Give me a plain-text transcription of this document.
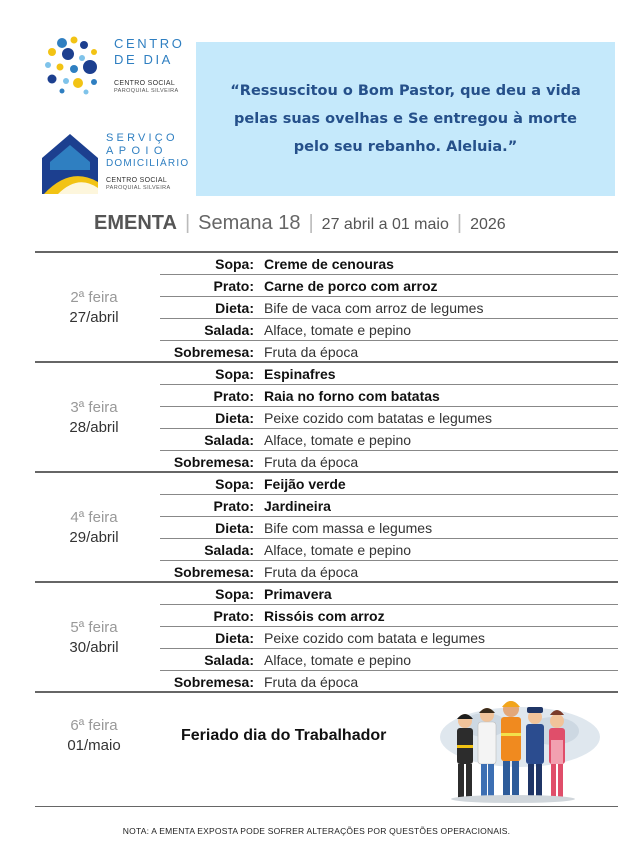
CENTRO
DE DIA
CENTRO SOCIAL
PAROQUIAL SILVEIRA
SERVIÇO
APOIO
DOMICILIÁRIO
CENTRO SOCIAL
PAROQUIAL SILVEIRA

“Ressuscitou o Bom Pastor, que deu a vida pelas suas ovelhas e Se entregou à morte pelo seu rebanho. Aleluia.”

EMENTA | Semana 18 | 27 abril a 01 maio | 2026
2ª feira
27/abril
Sopa: Creme de cenouras
Prato: Carne de porco com arroz
Dieta: Bife de vaca com arroz de legumes
Salada: Alface, tomate e pepino
Sobremesa: Fruta da época
3ª feira
28/abril
Sopa: Espinafres
Prato: Raia no forno com batatas
Dieta: Peixe cozido com batatas e legumes
Salada: Alface, tomate e pepino
Sobremesa: Fruta da época
4ª feira
29/abril
Sopa: Feijão verde
Prato: Jardineira
Dieta: Bife com massa e legumes
Salada: Alface, tomate e pepino
Sobremesa: Fruta da época
5ª feira
30/abril
Sopa: Primavera
Prato: Rissóis com arroz
Dieta: Peixe cozido com batata e legumes
Salada: Alface, tomate e pepino
Sobremesa: Fruta da época
6ª feira
01/maio
Feriado dia do Trabalhador
NOTA: A EMENTA EXPOSTA PODE SOFRER ALTERAÇÕES POR QUESTÕES OPERACIONAIS.
